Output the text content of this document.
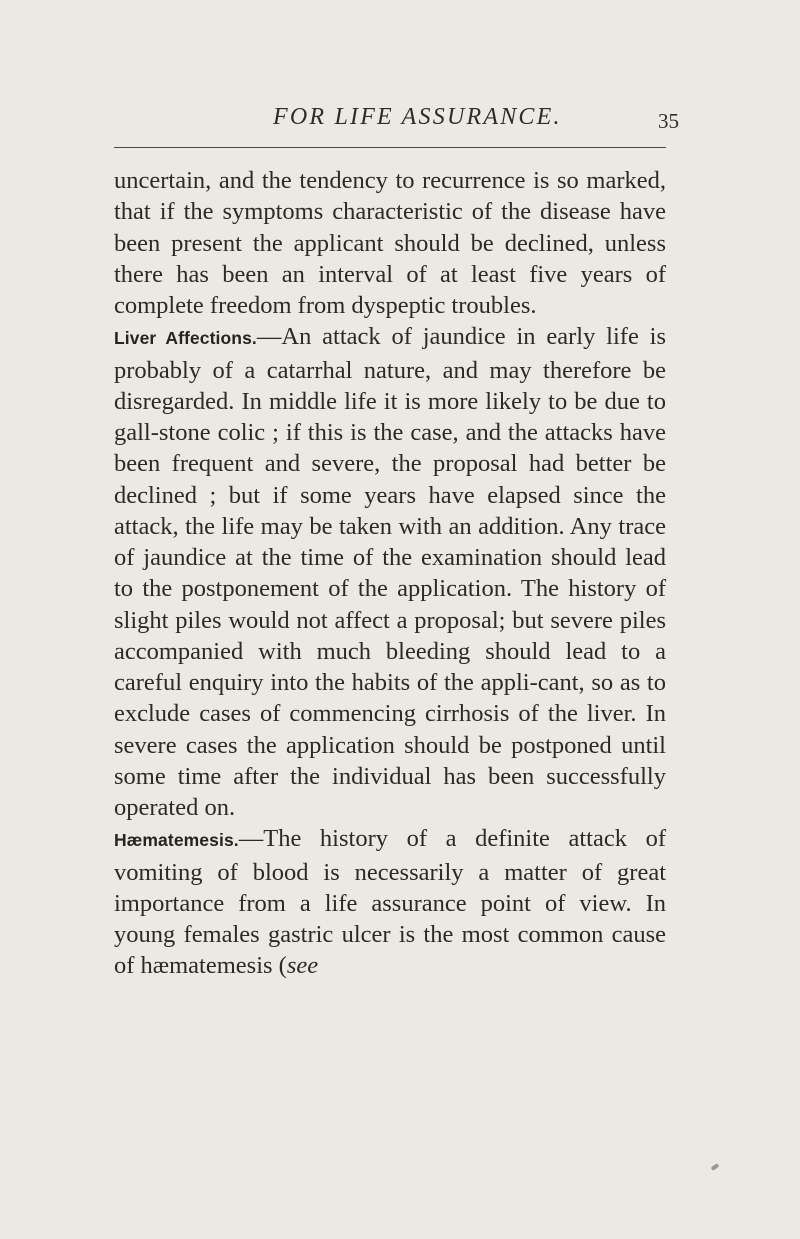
FOR LIFE ASSURANCE.	35

uncertain, and the tendency to recurrence is so marked, that if the symptoms characteristic of the disease have been present the applicant should be declined, unless there has been an interval of at least five years of complete freedom from dyspeptic troubles.

Liver Affections.—An attack of jaundice in early life is probably of a catarrhal nature, and may therefore be disregarded. In middle life it is more likely to be due to gall-stone colic ; if this is the case, and the attacks have been frequent and severe, the proposal had better be declined ; but if some years have elapsed since the attack, the life may be taken with an addition. Any trace of jaundice at the time of the examination should lead to the postponement of the application. The history of slight piles would not affect a proposal; but severe piles accompanied with much bleeding should lead to a careful enquiry into the habits of the appli-cant, so as to exclude cases of commencing cirrhosis of the liver. In severe cases the application should be postponed until some time after the individual has been successfully operated on.

Hæmatemesis.—The history of a definite attack of vomiting of blood is necessarily a matter of great importance from a life assurance point of view. In young females gastric ulcer is the most common cause of hæmatemesis (see
